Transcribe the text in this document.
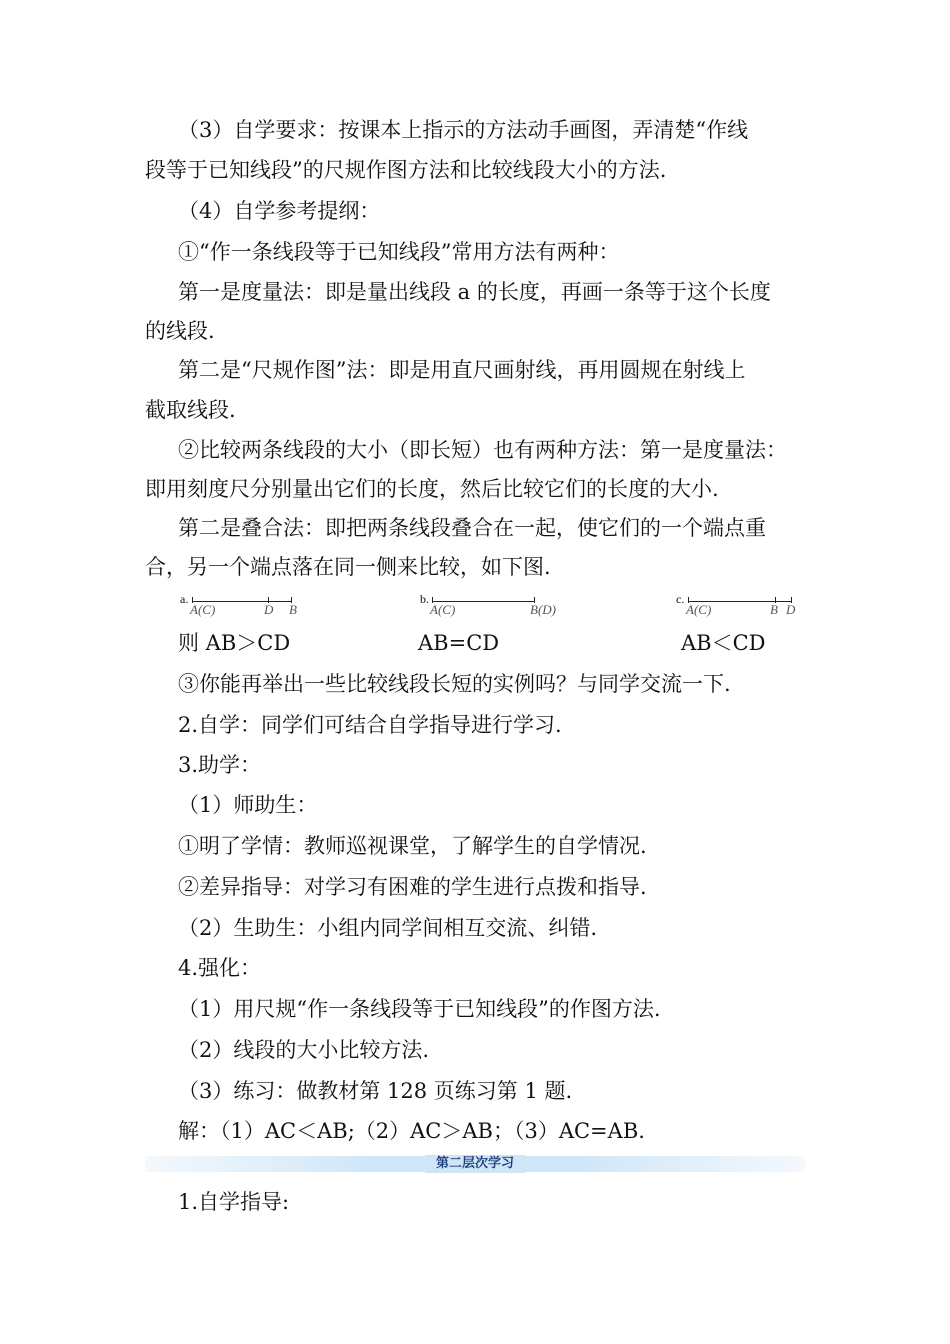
（3）自学要求：按课本上指示的方法动手画图，弄清楚“作线
段等于已知线段”的尺规作图方法和比较线段大小的方法.
（4）自学参考提纲：
①“作一条线段等于已知线段”常用方法有两种：
第一是度量法：即是量出线段 a 的长度，再画一条等于这个长度
的线段.
第二是“尺规作图”法：即是用直尺画射线，再用圆规在射线上
截取线段.
②比较两条线段的大小（即长短）也有两种方法：第一是度量法：
即用刻度尺分别量出它们的长度，然后比较它们的长度的大小.
第二是叠合法：即把两条线段叠合在一起，使它们的一个端点重
合，另一个端点落在同一侧来比较，如下图.
a.
A(C)	D B
b.
A(C)	B(D)
c.
A(C)	B D
则 AB＞CD	AB=CD	AB＜CD
③你能再举出一些比较线段长短的实例吗？与同学交流一下.
2.自学：同学们可结合自学指导进行学习.
3.助学：
（1）师助生：
①明了学情：教师巡视课堂，了解学生的自学情况.
②差异指导：对学习有困难的学生进行点拨和指导.
（2）生助生：小组内同学间相互交流、纠错.
4.强化：
（1）用尺规“作一条线段等于已知线段”的作图方法.
（2）线段的大小比较方法.
（3）练习：做教材第 128 页练习第 1 题.
解：（1）AC＜AB;（2）AC＞AB；（3）AC=AB.
第二层次学习
1.自学指导:
